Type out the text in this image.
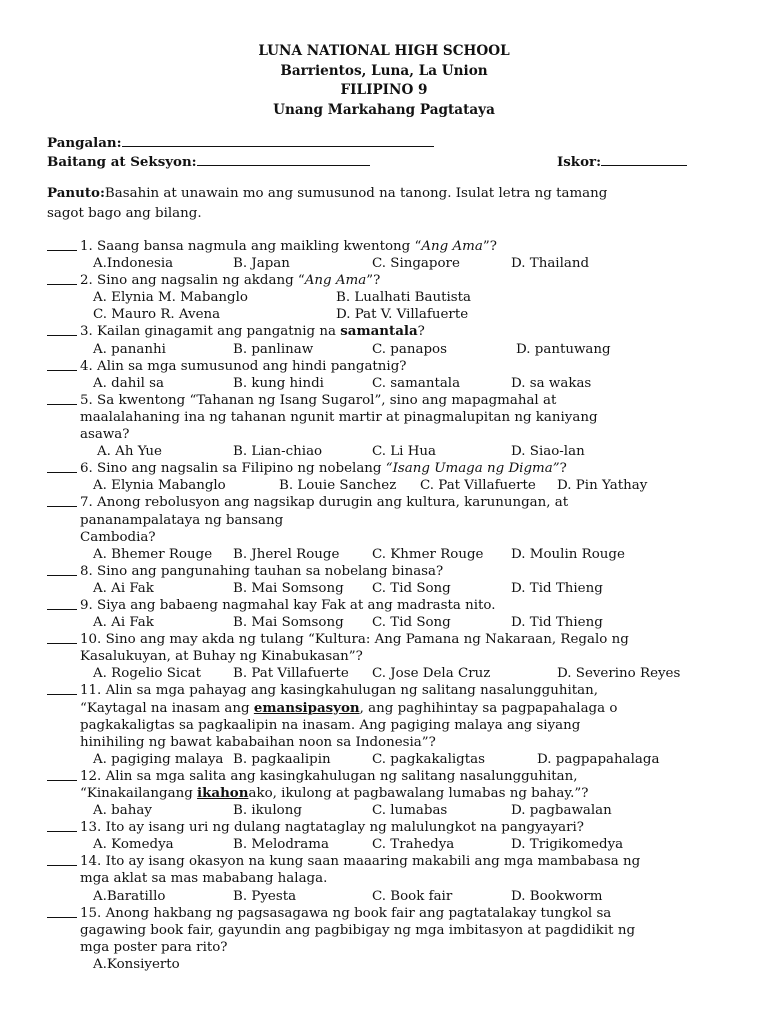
LUNA NATIONAL HIGH SCHOOL
Barrientos, Luna, La Union
FILIPINO 9
Unang Markahang Pagtataya
Pangalan:
Baitang at Seksyon:	Iskor:
Panuto:Basahin at unawain mo ang sumusunod na tanong. Isulat letra ng tamang
sagot bago ang bilang.
1. Saang bansa nagmula ang maikling kwentong “Ang Ama”?
A.Indonesia	B. Japan	C. Singapore	D. Thailand
2. Sino ang nagsalin ng akdang “Ang Ama”?
A. Elynia M. Mabanglo	B. Lualhati Bautista
C. Mauro R. Avena	D. Pat V. Villafuerte
3. Kailan ginagamit ang pangatnig na samantala?
A. pananhi	B. panlinaw	C. panapos	D. pantuwang
4. Alin sa mga sumusunod ang hindi pangatnig?
A. dahil sa	B. kung hindi	C. samantala	D. sa wakas
5. Sa kwentong “Tahanan ng Isang Sugarol”, sino ang mapagmahal at
maalalahaning ina ng tahanan ngunit martir at pinagmalupitan ng kaniyang
asawa?
A. Ah Yue	B. Lian-chiao	C. Li Hua	D. Siao-lan
6. Sino ang nagsalin sa Filipino ng nobelang “Isang Umaga ng Digma”?
A. Elynia Mabanglo	B. Louie Sanchez C. Pat Villafuerte D. Pin Yathay
7. Anong rebolusyon ang nagsikap durugin ang kultura, karunungan, at
pananampalataya ng bansang
Cambodia?
A. Bhemer Rouge B. Jherel Rouge C. Khmer Rouge D. Moulin Rouge
8. Sino ang pangunahing tauhan sa nobelang binasa?
A. Ai Fak	B. Mai Somsong C. Tid Song	D. Tid Thieng
9. Siya ang babaeng nagmahal kay Fak at ang madrasta nito.
A. Ai Fak	B. Mai Somsong C. Tid Song	D. Tid Thieng
10. Sino ang may akda ng tulang “Kultura: Ang Pamana ng Nakaraan, Regalo ng
Kasalukuyan, at Buhay ng Kinabukasan”?
A. Rogelio Sicat B. Pat Villafuerte C. Jose Dela Cruz	D. Severino Reyes
11. Alin sa mga pahayag ang kasingkahulugan ng salitang nasalungguhitan,
“Kaytagal na inasam ang emansipasyon, ang paghihintay sa pagpapahalaga o
pagkakaligtas sa pagkaalipin na inasam. Ang pagiging malaya ang siyang
hinihiling ng bawat kababaihan noon sa Indonesia”?
A. pagiging malaya B. pagkaalipin	C. pagkakaligtas	D. pagpapahalaga
12. Alin sa mga salita ang kasingkahulugan ng salitang nasalungguhitan,
“Kinakailangang ikahonako, ikulong at pagbawalang lumabas ng bahay.”?
A. bahay	B. ikulong	C. lumabas	D. pagbawalan
13. Ito ay isang uri ng dulang nagtataglay ng malulungkot na pangyayari?
A. Komedya	B. Melodrama	C. Trahedya	D. Trigikomedya
14. Ito ay isang okasyon na kung saan maaaring makabili ang mga mambabasa ng
mga aklat sa mas mababang halaga.
A.Baratillo	B. Pyesta	C. Book fair	D. Bookworm
15. Anong hakbang ng pagsasagawa ng book fair ang pagtatalakay tungkol sa
gagawing book fair, gayundin ang pagbibigay ng mga imbitasyon at pagdidikit ng
mga poster para rito?
A.Konsiyerto
